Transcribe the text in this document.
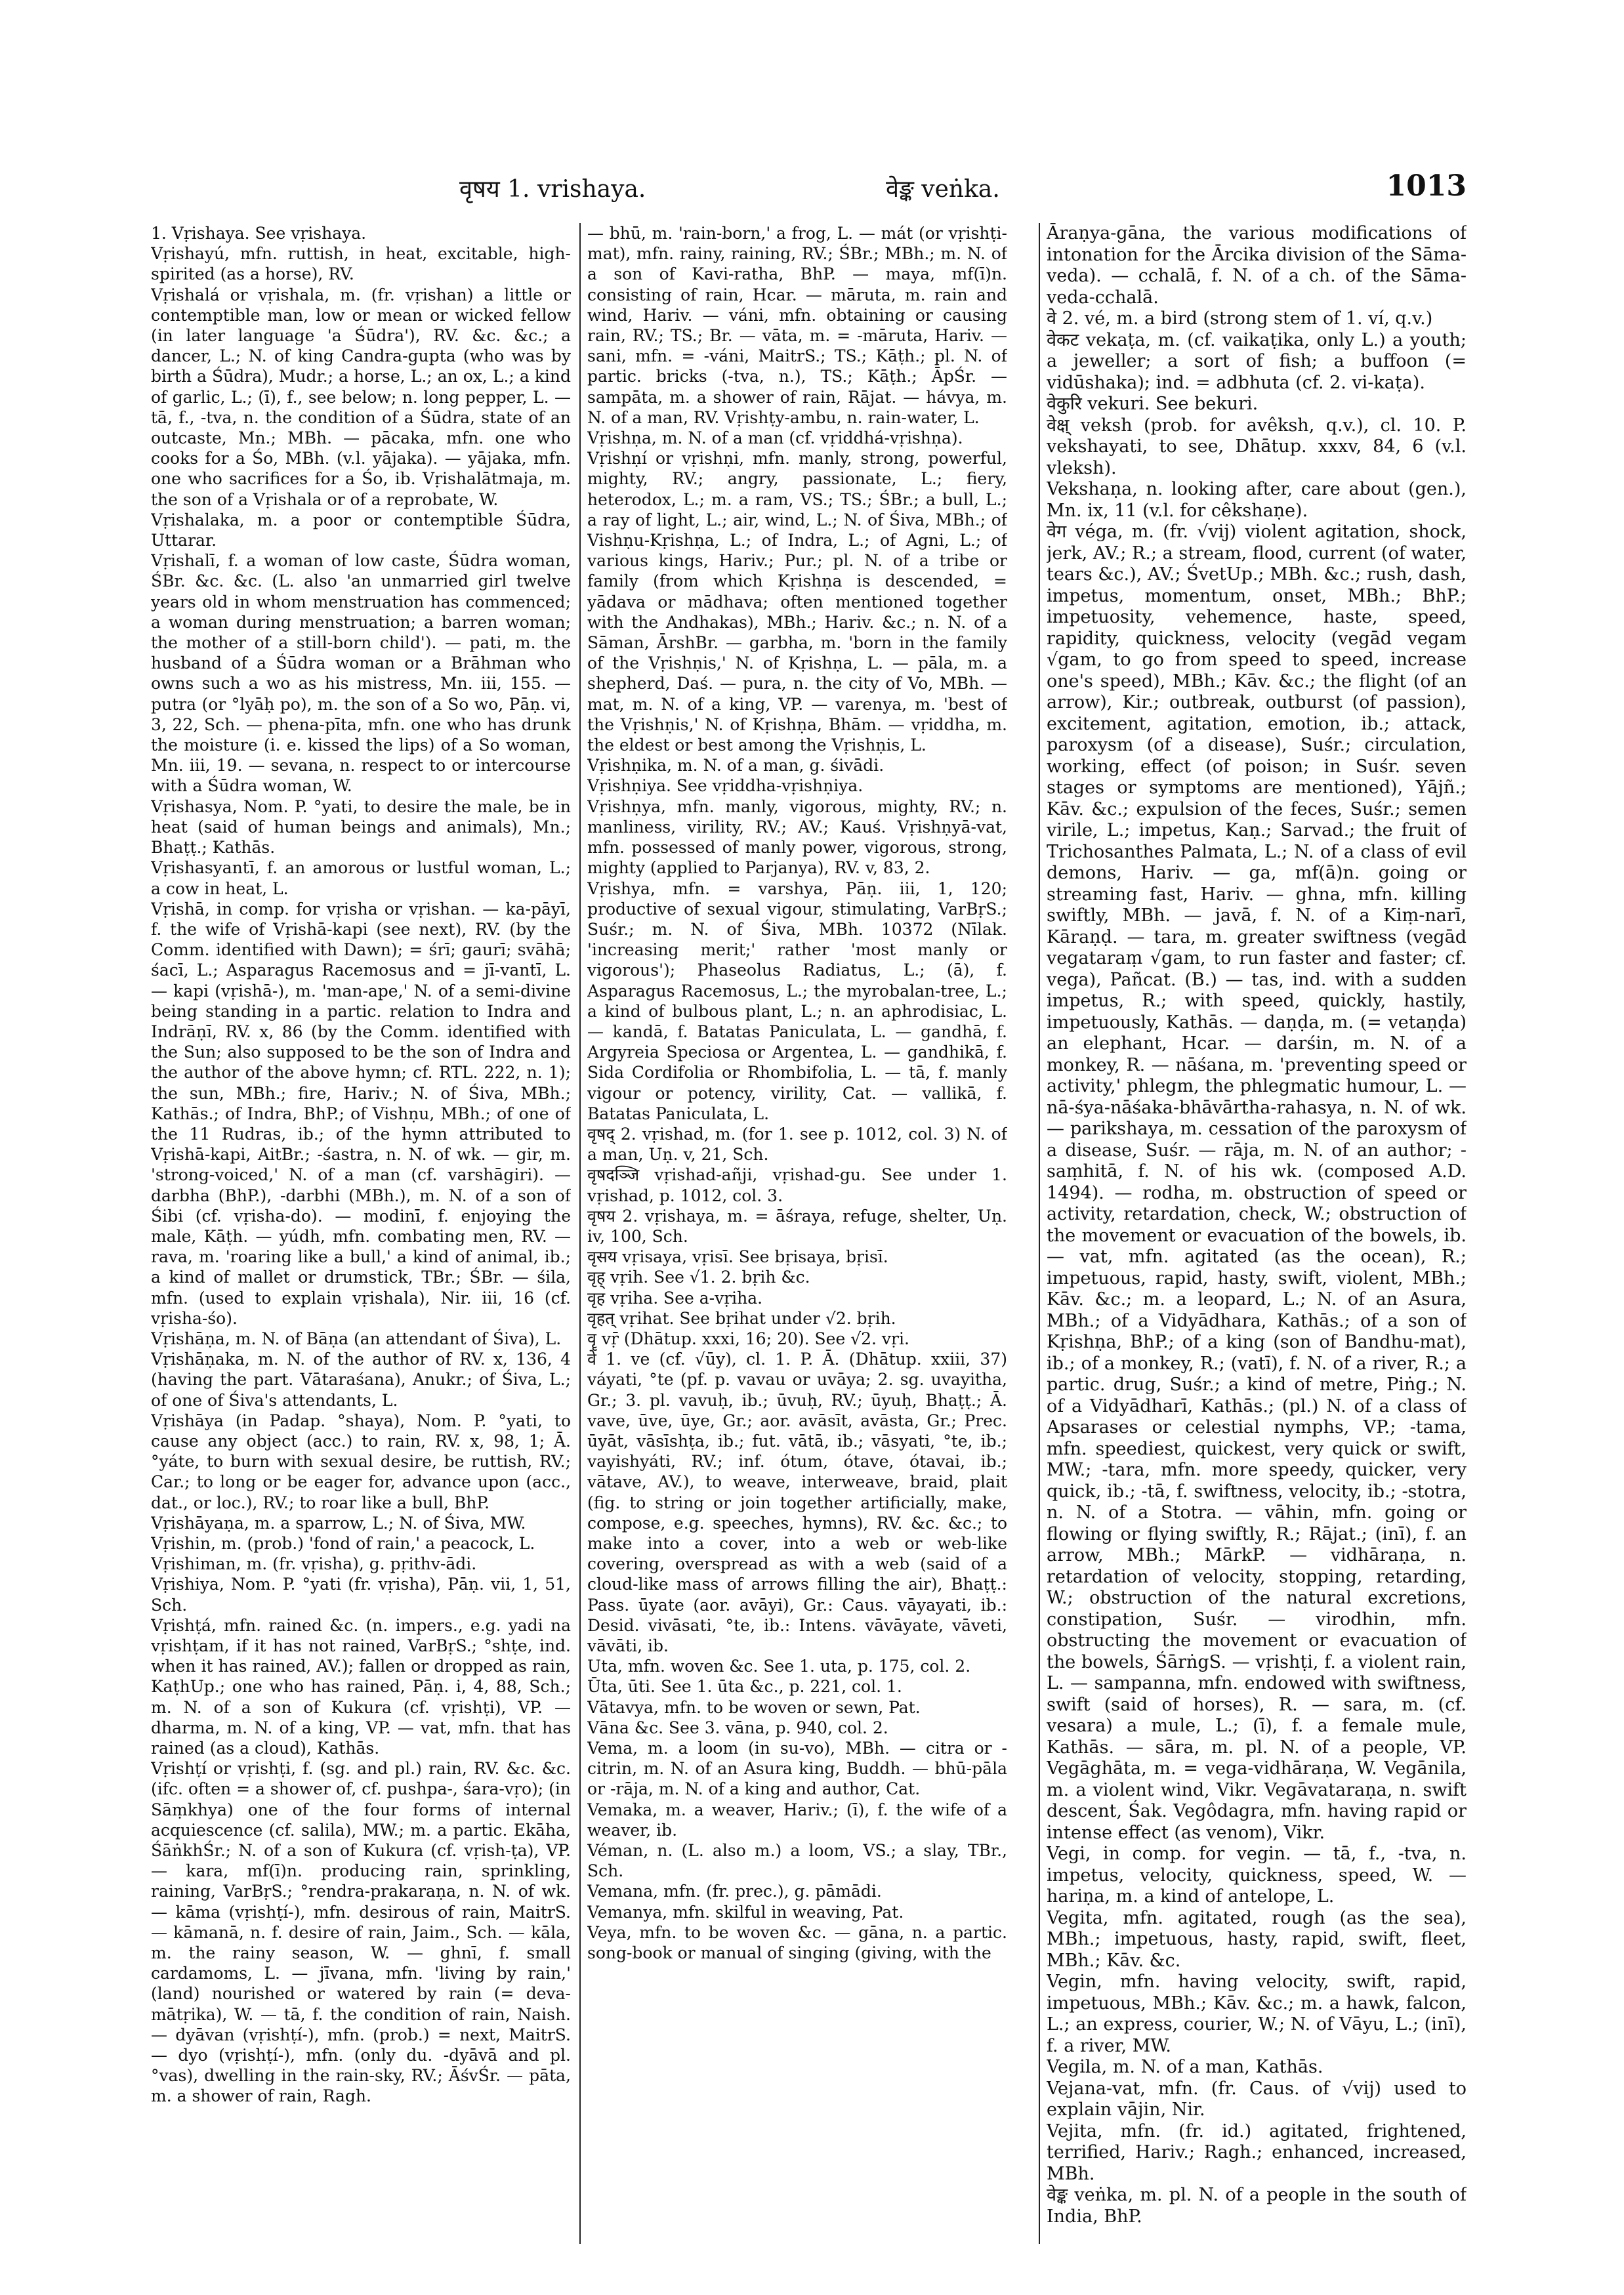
वृषय 1. vrishaya.	वेङ्क veṅka.	1013

1. Vṛishaya. See vṛishaya.

Vṛishayú, mfn. ruttish, in heat, excitable, high-spirited (as a horse), RV.

Vṛishalá or vṛishala, m. (fr. vṛishan) a little or contemptible man, low or mean or wicked fellow (in later language 'a Śūdra'), RV. &c. &c.; a dancer, L.; N. of king Candra-gupta (who was by birth a Śūdra), Mudr.; a horse, L.; an ox, L.; a kind of garlic, L.; (ī), f., see below; n. long pepper, L. — tā, f., -tva, n. the condition of a Śūdra, state of an outcaste, Mn.; MBh. — pācaka, mfn. one who cooks for a Śo, MBh. (v.l. yājaka). — yājaka, mfn. one who sacrifices for a Śo, ib. Vṛishalātmaja, m. the son of a Vṛishala or of a reprobate, W.

Vṛishalaka, m. a poor or contemptible Śūdra, Uttarar.

Vṛishalī, f. a woman of low caste, Śūdra woman, ŚBr. &c. &c. (L. also 'an unmarried girl twelve years old in whom menstruation has commenced; a woman during menstruation; a barren woman; the mother of a still-born child'). — pati, m. the husband of a Śūdra woman or a Brāhman who owns such a wo as his mistress, Mn. iii, 155. — putra (or °lyāḥ po), m. the son of a So wo, Pāṇ. vi, 3, 22, Sch. — phena-pīta, mfn. one who has drunk the moisture (i. e. kissed the lips) of a So woman, Mn. iii, 19. — sevana, n. respect to or intercourse with a Śūdra woman, W.

Vṛishasya, Nom. P. °yati, to desire the male, be in heat (said of human beings and animals), Mn.; Bhaṭṭ.; Kathās.

Vṛishasyantī, f. an amorous or lustful woman, L.; a cow in heat, L.

Vṛishā, in comp. for vṛisha or vṛishan. — ka-pāyī, f. the wife of Vṛishā-kapi (see next), RV. (by the Comm. identified with Dawn); = śrī; gaurī; svāhā; śacī, L.; Asparagus Racemosus and = jī-vantī, L. — kapi (vṛishā-), m. 'man-ape,' N. of a semi-divine being standing in a partic. relation to Indra and Indrāṇī, RV. x, 86 (by the Comm. identified with the Sun; also supposed to be the son of Indra and the author of the above hymn; cf. RTL. 222, n. 1); the sun, MBh.; fire, Hariv.; N. of Śiva, MBh.; Kathās.; of Indra, BhP.; of Vishṇu, MBh.; of one of the 11 Rudras, ib.; of the hymn attributed to Vṛishā-kapi, AitBr.; -śastra, n. N. of wk. — gir, m. 'strong-voiced,' N. of a man (cf. varshāgiri). — darbha (BhP.), -darbhi (MBh.), m. N. of a son of Śibi (cf. vṛisha-do). — modinī, f. enjoying the male, Kāṭh. — yúdh, mfn. combating men, RV. — rava, m. 'roaring like a bull,' a kind of animal, ib.; a kind of mallet or drumstick, TBr.; ŚBr. — śila, mfn. (used to explain vṛishala), Nir. iii, 16 (cf. vṛisha-śo).

Vṛishāṇa, m. N. of Bāṇa (an attendant of Śiva), L.

Vṛishāṇaka, m. N. of the author of RV. x, 136, 4 (having the part. Vātaraśana), Anukr.; of Śiva, L.; of one of Śiva's attendants, L.

Vṛishāya (in Padap. °shaya), Nom. P. °yati, to cause any object (acc.) to rain, RV. x, 98, 1; Ā. °yáte, to burn with sexual desire, be ruttish, RV.; Car.; to long or be eager for, advance upon (acc., dat., or loc.), RV.; to roar like a bull, BhP.

Vṛishāyaṇa, m. a sparrow, L.; N. of Śiva, MW.

Vṛishin, m. (prob.) 'fond of rain,' a peacock, L.

Vṛishiman, m. (fr. vṛisha), g. pṛithv-ādi.

Vṛishiya, Nom. P. °yati (fr. vṛisha), Pāṇ. vii, 1, 51, Sch.

Vṛishṭá, mfn. rained &c. (n. impers., e.g. yadi na vṛishṭam, if it has not rained, VarBṛS.; °shṭe, ind. when it has rained, AV.); fallen or dropped as rain, KaṭhUp.; one who has rained, Pāṇ. i, 4, 88, Sch.; m. N. of a son of Kukura (cf. vṛishṭi), VP. — dharma, m. N. of a king, VP. — vat, mfn. that has rained (as a cloud), Kathās.

Vṛishṭí or vṛishṭi, f. (sg. and pl.) rain, RV. &c. &c. (ifc. often = a shower of, cf. pushpa-, śara-vṛo); (in Sāṃkhya) one of the four forms of internal acquiescence (cf. salila), MW.; m. a partic. Ekāha, ŚāṅkhŚr.; N. of a son of Kukura (cf. vṛish-ṭa), VP. — kara, mf(ī)n. producing rain, sprinkling, raining, VarBṛS.; °rendra-prakaraṇa, n. N. of wk. — kāma (vṛishṭí-), mfn. desirous of rain, MaitrS. — kāmanā, n. f. desire of rain, Jaim., Sch. — kāla, m. the rainy season, W. — ghnī, f. small cardamoms, L. — jīvana, mfn. 'living by rain,' (land) nourished or watered by rain (= deva-mātṛika), W. — tā, f. the condition of rain, Naish. — dyāvan (vṛishṭí-), mfn. (prob.) = next, MaitrS. — dyo (vṛishṭí-), mfn. (only du. -dyāvā and pl. °vas), dwelling in the rain-sky, RV.; ĀśvŚr. — pāta, m. a shower of rain, Ragh.

— bhū, m. 'rain-born,' a frog, L. — mát (or vṛishṭi-mat), mfn. rainy, raining, RV.; ŚBr.; MBh.; m. N. of a son of Kavi-ratha, BhP. — maya, mf(ī)n. consisting of rain, Hcar. — māruta, m. rain and wind, Hariv. — váni, mfn. obtaining or causing rain, RV.; TS.; Br. — vāta, m. = -māruta, Hariv. — sani, mfn. = -váni, MaitrS.; TS.; Kāṭh.; pl. N. of partic. bricks (-tva, n.), TS.; Kāṭh.; ĀpŚr. — sampāta, m. a shower of rain, Rājat. — hávya, m. N. of a man, RV. Vṛishṭy-ambu, n. rain-water, L.

Vṛishṇa, m. N. of a man (cf. vṛiddhá-vṛishṇa).

Vṛishṇí or vṛishṇi, mfn. manly, strong, powerful, mighty, RV.; angry, passionate, L.; fiery, heterodox, L.; m. a ram, VS.; TS.; ŚBr.; a bull, L.; a ray of light, L.; air, wind, L.; N. of Śiva, MBh.; of Vishṇu-Kṛishṇa, L.; of Indra, L.; of Agni, L.; of various kings, Hariv.; Pur.; pl. N. of a tribe or family (from which Kṛishṇa is descended, = yādava or mādhava; often mentioned together with the Andhakas), MBh.; Hariv. &c.; n. N. of a Sāman, ĀrshBr. — garbha, m. 'born in the family of the Vṛishṇis,' N. of Kṛishṇa, L. — pāla, m. a shepherd, Daś. — pura, n. the city of Vo, MBh. — mat, m. N. of a king, VP. — varenya, m. 'best of the Vṛishṇis,' N. of Kṛishṇa, Bhām. — vṛiddha, m. the eldest or best among the Vṛishṇis, L.

Vṛishṇika, m. N. of a man, g. śivādi.

Vṛishṇiya. See vṛiddha-vṛishṇiya.

Vṛishṇya, mfn. manly, vigorous, mighty, RV.; n. manliness, virility, RV.; AV.; Kauś. Vṛishṇyā-vat, mfn. possessed of manly power, vigorous, strong, mighty (applied to Parjanya), RV. v, 83, 2.

Vṛishya, mfn. = varshya, Pāṇ. iii, 1, 120; productive of sexual vigour, stimulating, VarBṛS.; Suśr.; m. N. of Śiva, MBh. 10372 (Nīlak. 'increasing merit;' rather 'most manly or vigorous'); Phaseolus Radiatus, L.; (ā), f. Asparagus Racemosus, L.; the myrobalan-tree, L.; a kind of bulbous plant, L.; n. an aphrodisiac, L. — kandā, f. Batatas Paniculata, L. — gandhā, f. Argyreia Speciosa or Argentea, L. — gandhikā, f. Sida Cordifolia or Rhombifolia, L. — tā, f. manly vigour or potency, virility, Cat. — vallikā, f. Batatas Paniculata, L.

वृषद् 2. vṛishad, m. (for 1. see p. 1012, col. 3) N. of a man, Uṇ. v, 21, Sch.

वृषदञ्जि vṛishad-añji, vṛishad-gu. See under 1. vṛishad, p. 1012, col. 3.

वृषय 2. vṛishaya, m. = āśraya, refuge, shelter, Uṇ. iv, 100, Sch.

वृसय vṛisaya, vṛisī. See bṛisaya, bṛisī.

वृह् vṛih. See √1. 2. bṛih &c.

वृह vṛiha. See a-vṛiha.

वृहत् vṛihat. See bṛihat under √2. bṛih.

वॄ vṝ (Dhātup. xxxi, 16; 20). See √2. vṛi.

वे 1. ve (cf. √ūy), cl. 1. P. Ā. (Dhātup. xxiii, 37) váyati, °te (pf. p. vavau or uvāya; 2. sg. uvayitha, Gr.; 3. pl. vavuḥ, ib.; ūvuḥ, RV.; ūyuḥ, Bhaṭṭ.; Ā. vave, ūve, ūye, Gr.; aor. avāsīt, avāsta, Gr.; Prec. ūyāt, vāsīshṭa, ib.; fut. vātā, ib.; vāsyati, °te, ib.; vayishyáti, RV.; inf. ótum, ótave, ótavai, ib.; vātave, AV.), to weave, interweave, braid, plait (fig. to string or join together artificially, make, compose, e.g. speeches, hymns), RV. &c. &c.; to make into a cover, into a web or web-like covering, overspread as with a web (said of a cloud-like mass of arrows filling the air), Bhaṭṭ.: Pass. ūyate (aor. avāyi), Gr.: Caus. vāyayati, ib.: Desid. vivāsati, °te, ib.: Intens. vāvāyate, vāveti, vāvāti, ib.

Uta, mfn. woven &c. See 1. uta, p. 175, col. 2.

Ūta, ūti. See 1. ūta &c., p. 221, col. 1.

Vātavya, mfn. to be woven or sewn, Pat.

Vāna &c. See 3. vāna, p. 940, col. 2.

Vema, m. a loom (in su-vo), MBh. — citra or -citrin, m. N. of an Asura king, Buddh. — bhū-pāla or -rāja, m. N. of a king and author, Cat.

Vemaka, m. a weaver, Hariv.; (ī), f. the wife of a weaver, ib.

Véman, n. (L. also m.) a loom, VS.; a slay, TBr., Sch.

Vemana, mfn. (fr. prec.), g. pāmādi.

Vemanya, mfn. skilful in weaving, Pat.

Veya, mfn. to be woven &c. — gāna, n. a partic. song-book or manual of singing (giving, with the

Āraṇya-gāna, the various modifications of intonation for the Ārcika division of the Sāma-veda). — cchalā, f. N. of a ch. of the Sāma-veda-cchalā.

वे 2. vé, m. a bird (strong stem of 1. ví, q.v.)

वेकट vekaṭa, m. (cf. vaikaṭika, only L.) a youth; a jeweller; a sort of fish; a buffoon (= vidūshaka); ind. = adbhuta (cf. 2. vi-kaṭa).

वेकुरि vekuri. See bekuri.

वेक्ष् veksh (prob. for avêksh, q.v.), cl. 10. P. vekshayati, to see, Dhātup. xxxv, 84, 6 (v.l. vleksh).

Vekshaṇa, n. looking after, care about (gen.), Mn. ix, 11 (v.l. for cêkshaṇe).

वेग véga, m. (fr. √vij) violent agitation, shock, jerk, AV.; R.; a stream, flood, current (of water, tears &c.), AV.; ŚvetUp.; MBh. &c.; rush, dash, impetus, momentum, onset, MBh.; BhP.; impetuosity, vehemence, haste, speed, rapidity, quickness, velocity (vegād vegam √gam, to go from speed to speed, increase one's speed), MBh.; Kāv. &c.; the flight (of an arrow), Kir.; outbreak, outburst (of passion), excitement, agitation, emotion, ib.; attack, paroxysm (of a disease), Suśr.; circulation, working, effect (of poison; in Suśr. seven stages or symptoms are mentioned), Yājñ.; Kāv. &c.; expulsion of the feces, Suśr.; semen virile, L.; impetus, Kaṇ.; Sarvad.; the fruit of Trichosanthes Palmata, L.; N. of a class of evil demons, Hariv. — ga, mf(ā)n. going or streaming fast, Hariv. — ghna, mfn. killing swiftly, MBh. — javā, f. N. of a Kiṃ-narī, Kāraṇḍ. — tara, m. greater swiftness (vegād vegataraṃ √gam, to run faster and faster; cf. vega), Pañcat. (B.) — tas, ind. with a sudden impetus, R.; with speed, quickly, hastily, impetuously, Kathās. — daṇḍa, m. (= vetaṇḍa) an elephant, Hcar. — darśin, m. N. of a monkey, R. — nāśana, m. 'preventing speed or activity,' phlegm, the phlegmatic humour, L. — nā-śya-nāśaka-bhāvārtha-rahasya, n. N. of wk. — parikshaya, m. cessation of the paroxysm of a disease, Suśr. — rāja, m. N. of an author; -saṃhitā, f. N. of his wk. (composed A.D. 1494). — rodha, m. obstruction of speed or activity, retardation, check, W.; obstruction of the movement or evacuation of the bowels, ib. — vat, mfn. agitated (as the ocean), R.; impetuous, rapid, hasty, swift, violent, MBh.; Kāv. &c.; m. a leopard, L.; N. of an Asura, MBh.; of a Vidyādhara, Kathās.; of a son of Kṛishṇa, BhP.; of a king (son of Bandhu-mat), ib.; of a monkey, R.; (vatī), f. N. of a river, R.; a partic. drug, Suśr.; a kind of metre, Piṅg.; N. of a Vidyādharī, Kathās.; (pl.) N. of a class of Apsarases or celestial nymphs, VP.; -tama, mfn. speediest, quickest, very quick or swift, MW.; -tara, mfn. more speedy, quicker, very quick, ib.; -tā, f. swiftness, velocity, ib.; -stotra, n. N. of a Stotra. — vāhin, mfn. going or flowing or flying swiftly, R.; Rājat.; (inī), f. an arrow, MBh.; MārkP. — vidhāraṇa, n. retardation of velocity, stopping, retarding, W.; obstruction of the natural excretions, constipation, Suśr. — virodhin, mfn. obstructing the movement or evacuation of the bowels, ŚārṅgS. — vṛishṭi, f. a violent rain, L. — sampanna, mfn. endowed with swiftness, swift (said of horses), R. — sara, m. (cf. vesara) a mule, L.; (ī), f. a female mule, Kathās. — sāra, m. pl. N. of a people, VP. Vegāghāta, m. = vega-vidhāraṇa, W. Vegānila, m. a violent wind, Vikr. Vegāvataraṇa, n. swift descent, Śak. Vegôdagra, mfn. having rapid or intense effect (as venom), Vikr.

Vegi, in comp. for vegin. — tā, f., -tva, n. impetus, velocity, quickness, speed, W. — hariṇa, m. a kind of antelope, L.

Vegita, mfn. agitated, rough (as the sea), MBh.; impetuous, hasty, rapid, swift, fleet, MBh.; Kāv. &c.

Vegin, mfn. having velocity, swift, rapid, impetuous, MBh.; Kāv. &c.; m. a hawk, falcon, L.; an express, courier, W.; N. of Vāyu, L.; (inī), f. a river, MW.

Vegila, m. N. of a man, Kathās.

Vejana-vat, mfn. (fr. Caus. of √vij) used to explain vājin, Nir.

Vejita, mfn. (fr. id.) agitated, frightened, terrified, Hariv.; Ragh.; enhanced, increased, MBh.

वेङ्क veṅka, m. pl. N. of a people in the south of India, BhP.
